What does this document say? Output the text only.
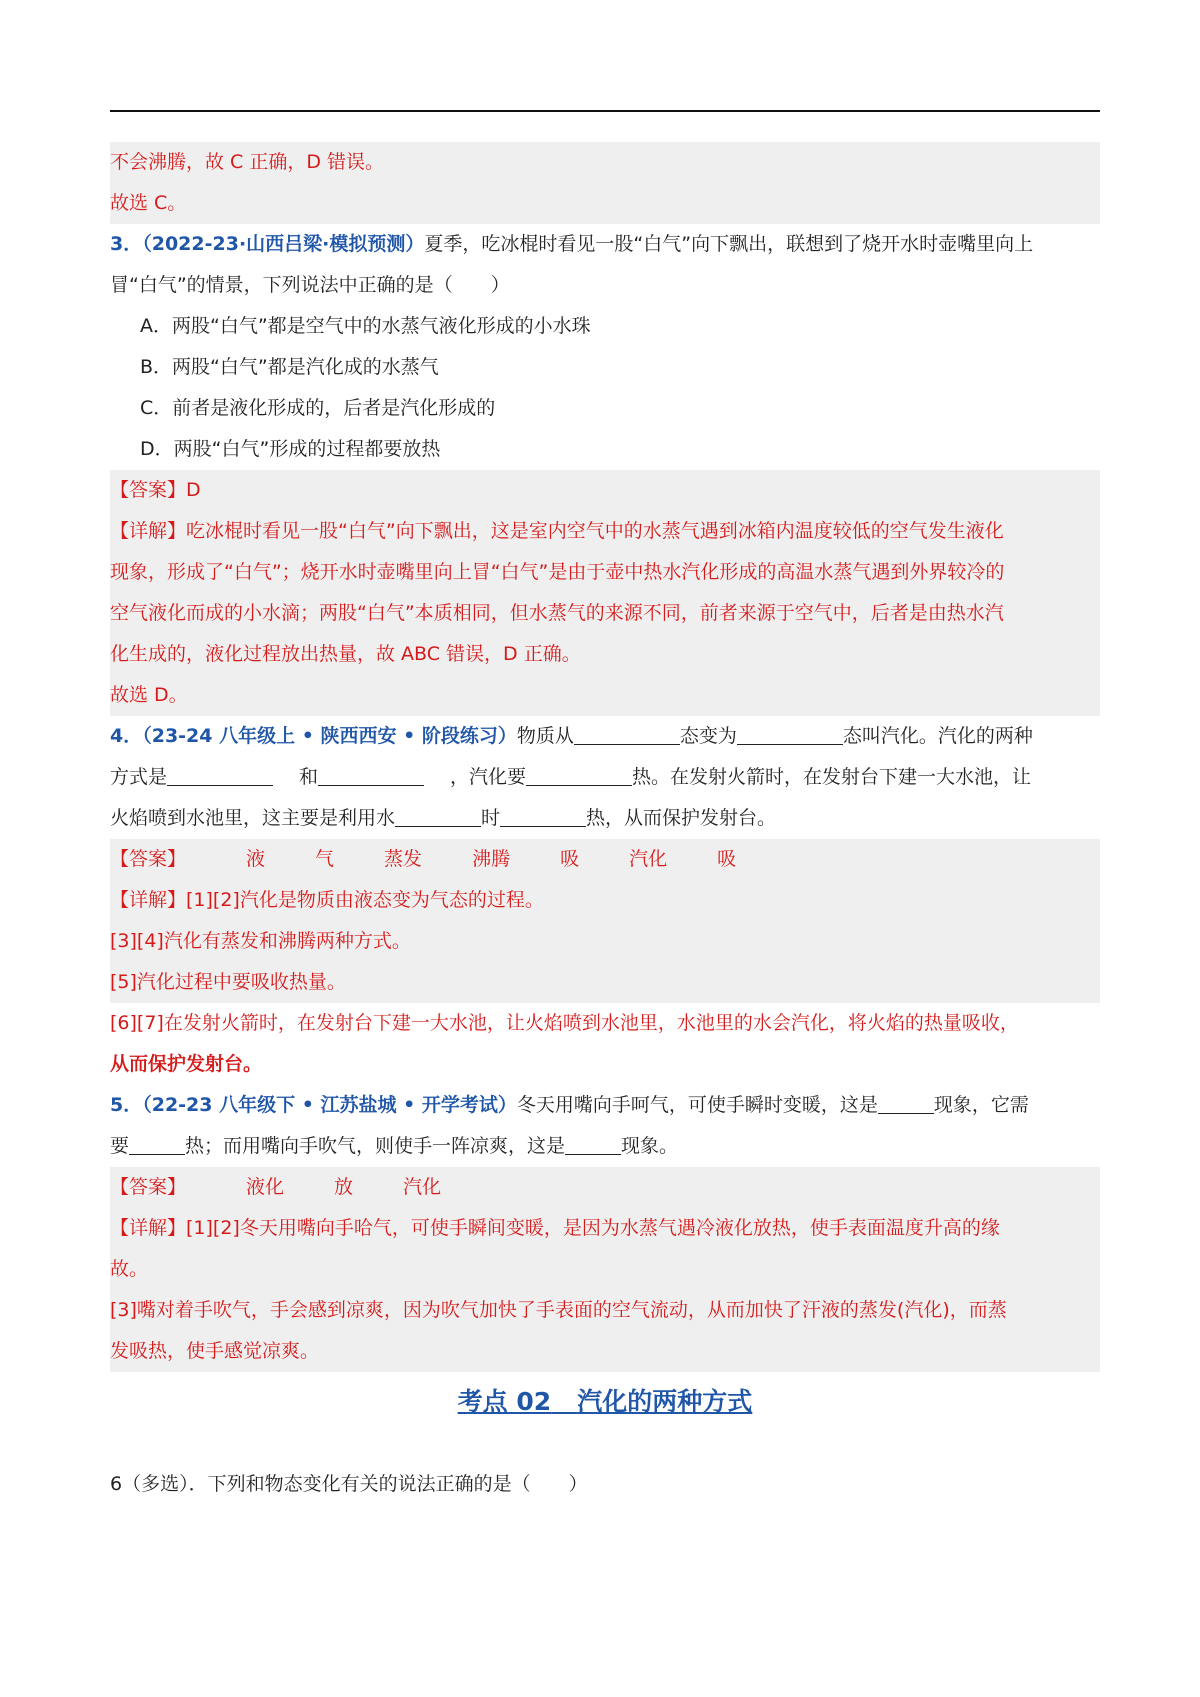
不会沸腾，故 C 正确，D 错误。
故选 C。
3．（2022-23·山西吕梁·模拟预测）夏季，吃冰棍时看见一股“白气”向下飘出，联想到了烧开水时壶嘴里向上
冒“白气”的情景，下列说法中正确的是（　　）
A．两股“白气”都是空气中的水蒸气液化形成的小水珠
B．两股“白气”都是汽化成的水蒸气
C．前者是液化形成的，后者是汽化形成的
D．两股“白气”形成的过程都要放热
【答案】D
【详解】吃冰棍时看见一股“白气”向下飘出，这是室内空气中的水蒸气遇到冰箱内温度较低的空气发生液化
现象，形成了“白气”；烧开水时壶嘴里向上冒“白气”是由于壶中热水汽化形成的高温水蒸气遇到外界较冷的
空气液化而成的小水滴；两股“白气”本质相同，但水蒸气的来源不同，前者来源于空气中，后者是由热水汽
化生成的，液化过程放出热量，故 ABC 错误，D 正确。
故选 D。
4．（23-24 八年级上 • 陕西西安 • 阶段练习）物质从	态变为	态叫汽化。汽化的两种
方式是	和	，汽化要	热。在发射火箭时，在发射台下建一大水池，让
火焰喷到水池里，这主要是利用水	时	热，从而保护发射台。
【答案】	液	气	蒸发	沸腾	吸	汽化	吸
【详解】[1][2]汽化是物质由液态变为气态的过程。
[3][4]汽化有蒸发和沸腾两种方式。
[5]汽化过程中要吸收热量。
[6][7]在发射火箭时，在发射台下建一大水池，让火焰喷到水池里，水池里的水会汽化，将火焰的热量吸收，
从而保护发射台。
5．（22-23 八年级下 • 江苏盐城 • 开学考试）冬天用嘴向手呵气，可使手瞬时变暖，这是	现象，它需
要	热；而用嘴向手吹气，则使手一阵凉爽，这是	现象。
【答案】	液化	放	汽化
【详解】[1][2]冬天用嘴向手哈气，可使手瞬间变暖，是因为水蒸气遇冷液化放热，使手表面温度升高的缘
故。
[3]嘴对着手吹气，手会感到凉爽，因为吹气加快了手表面的空气流动，从而加快了汗液的蒸发(汽化)，而蒸
发吸热，使手感觉凉爽。
考点 02 汽化的两种方式
6（多选）．下列和物态变化有关的说法正确的是（　　）
